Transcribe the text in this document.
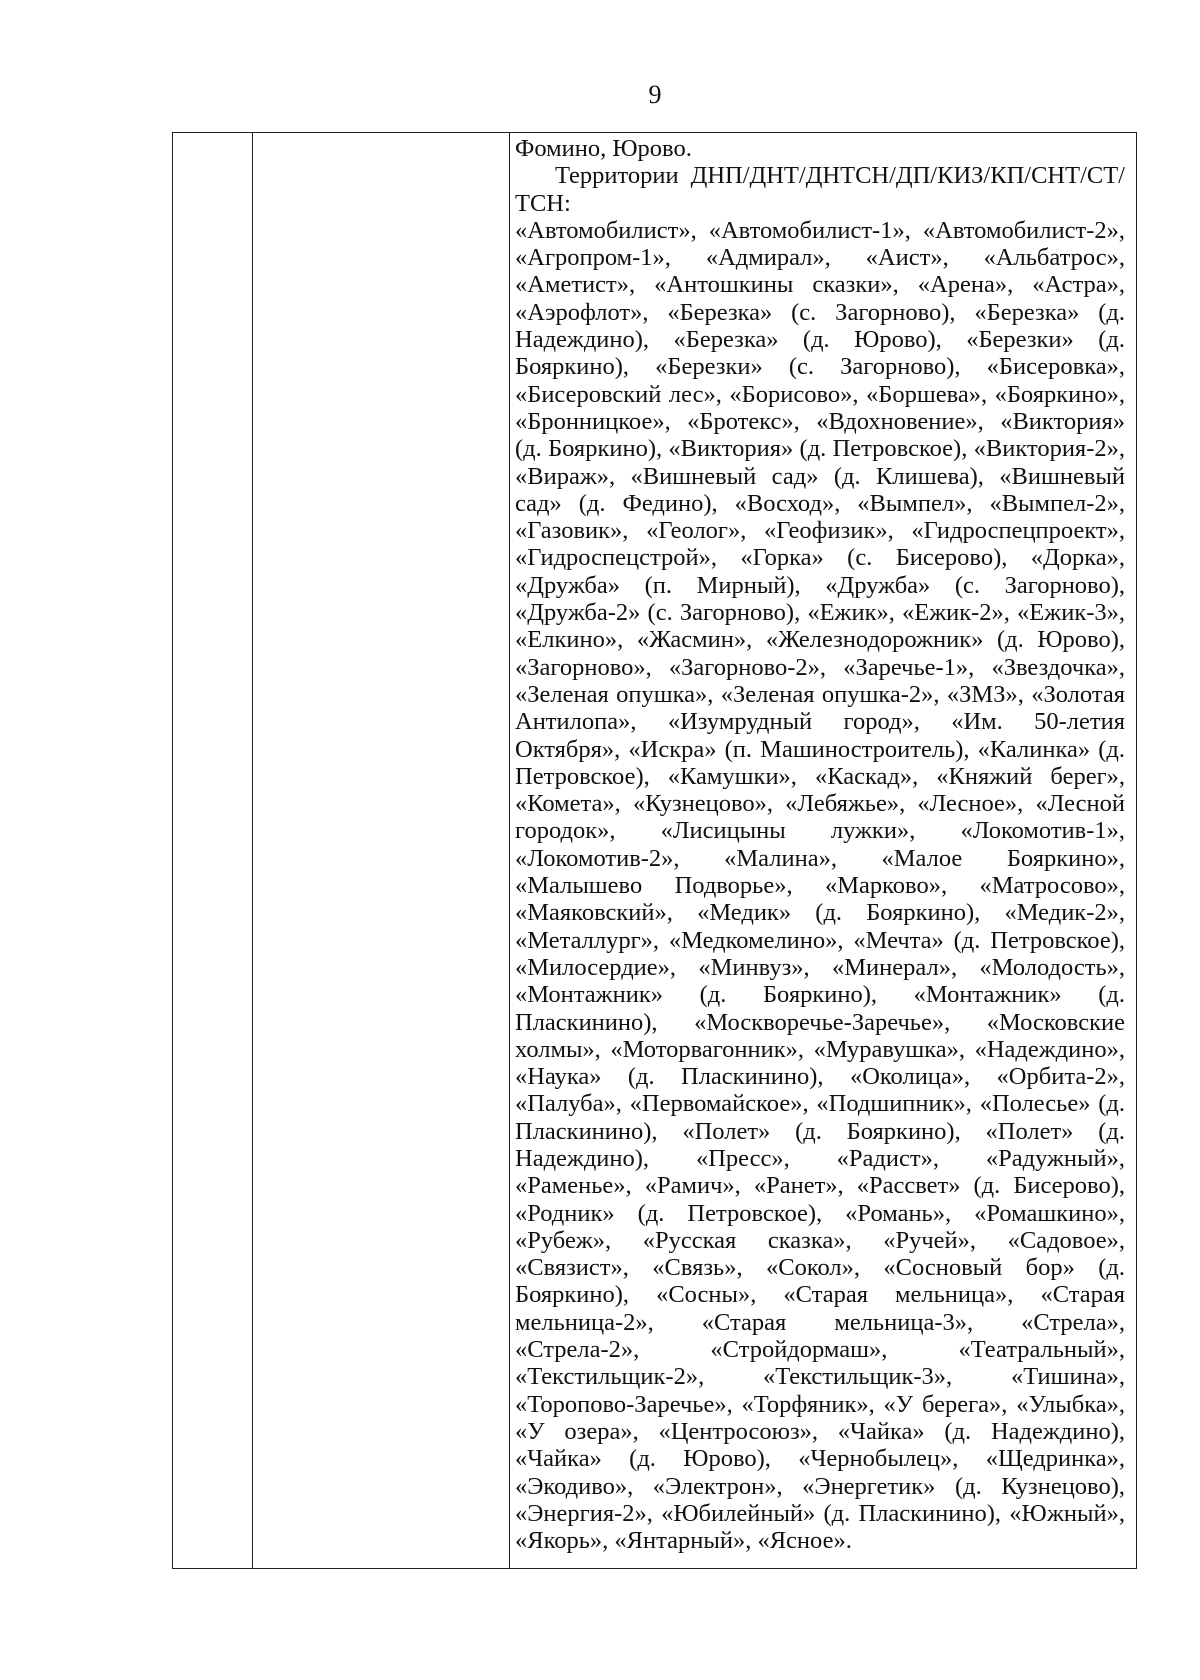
9

Фомино, Юрово.

Территории ДНП/ДНТ/ДНТСН/ДП/КИЗ/КП/СНТ/СТ/ТСН:

«Автомобилист», «Автомобилист-1», «Автомобилист-2», «Агропром-1», «Адмирал», «Аист», «Альбатрос», «Аметист», «Антошкины сказки», «Арена», «Астра», «Аэрофлот», «Березка» (с. Загорново), «Березка» (д. Надеждино), «Березка» (д. Юрово), «Березки» (д. Бояркино), «Березки» (с. Загорново), «Бисеровка», «Бисеровский лес», «Борисово», «Боршева», «Бояркино», «Бронницкое», «Бротекс», «Вдохновение», «Виктория» (д. Бояркино), «Виктория» (д. Петровское), «Виктория-2», «Вираж», «Вишневый сад» (д. Клишева), «Вишневый сад» (д. Федино), «Восход», «Вымпел», «Вымпел-2», «Газовик», «Геолог», «Геофизик», «Гидроспецпроект», «Гидроспецстрой», «Горка» (с. Бисерово), «Дорка», «Дружба» (п. Мирный), «Дружба» (с. Загорново), «Дружба-2» (с. Загорново), «Ежик», «Ежик-2», «Ежик-3», «Елкино», «Жасмин», «Железнодорожник» (д. Юрово), «Загорново», «Загорново-2», «Заречье-1», «Звездочка», «Зеленая опушка», «Зеленая опушка-2», «ЗМЗ», «Золотая Антилопа», «Изумрудный город», «Им. 50-летия Октября», «Искра» (п. Машиностроитель), «Калинка» (д. Петровское), «Камушки», «Каскад», «Княжий берег», «Комета», «Кузнецово», «Лебяжье», «Лесное», «Лесной городок», «Лисицыны лужки», «Локомотив-1», «Локомотив-2», «Малина», «Малое Бояркино», «Малышево Подворье», «Марково», «Матросово», «Маяковский», «Медик» (д. Бояркино), «Медик-2», «Металлург», «Медкомелино», «Мечта» (д. Петровское), «Милосердие», «Минвуз», «Минерал», «Молодость», «Монтажник» (д. Бояркино), «Монтажник» (д. Пласкинино), «Москворечье-Заречье», «Московские холмы», «Моторвагонник», «Муравушка», «Надеждино», «Наука» (д. Пласкинино), «Околица», «Орбита-2», «Палуба», «Первомайское», «Подшипник», «Полесье» (д. Пласкинино), «Полет» (д. Бояркино), «Полет» (д. Надеждино), «Пресс», «Радист», «Радужный», «Раменье», «Рамич», «Ранет», «Рассвет» (д. Бисерово), «Родник» (д. Петровское), «Романь», «Ромашкино», «Рубеж», «Русская сказка», «Ручей», «Садовое», «Связист», «Связь», «Сокол», «Сосновый бор» (д. Бояркино), «Сосны», «Старая мельница», «Старая мельница-2», «Старая мельница-3», «Стрела», «Стрела-2», «Стройдормаш», «Театральный», «Текстильщик-2», «Текстильщик-3», «Тишина», «Торопово-Заречье», «Торфяник», «У берега», «Улыбка», «У озера», «Центросоюз», «Чайка» (д. Надеждино), «Чайка» (д. Юрово), «Чернобылец», «Щедринка», «Экодиво», «Электрон», «Энергетик» (д. Кузнецово), «Энергия-2», «Юбилейный» (д. Пласкинино), «Южный», «Якорь», «Янтарный», «Ясное».
